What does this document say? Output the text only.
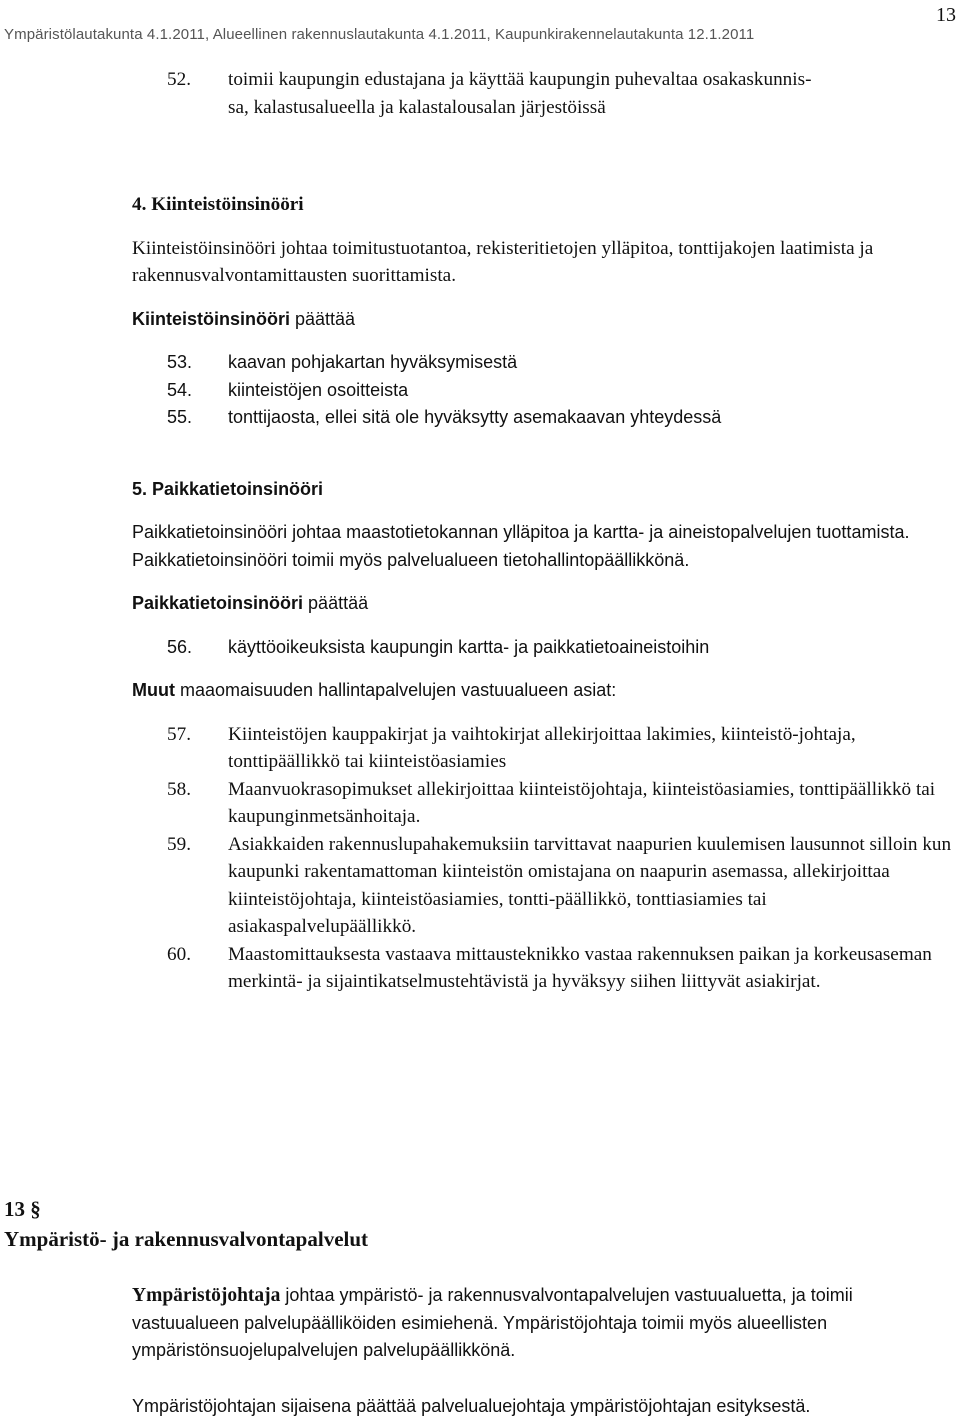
Ympäristölautakunta 4.1.2011, Alueellinen rakennuslautakunta 4.1.2011, Kaupunkirakennelautakunta 12.1.2011
13
52. toimii kaupungin edustajana ja käyttää kaupungin puhevaltaa osakaskunnis-

sa, kalastusalueella ja kalastalousalan järjestöissä

4. Kiinteistöinsinööri

Kiinteistöinsinööri johtaa toimitustuotantoa, rekisteritietojen ylläpitoa, tonttijakojen laatimista ja rakennusvalvontamittausten suorittamista.

Kiinteistöinsinööri päättää

53. kaavan pohjakartan hyväksymisestä
54. kiinteistöjen osoitteista
55. tonttijaosta, ellei sitä ole hyväksytty asemakaavan yhteydessä

5. Paikkatietoinsinööri

Paikkatietoinsinööri johtaa maastotietokannan ylläpitoa ja kartta- ja aineistopalvelujen tuottamista. Paikkatietoinsinööri toimii myös palvelualueen tietohallintopäällikkönä.

Paikkatietoinsinööri päättää

56. käyttöoikeuksista kaupungin kartta- ja paikkatietoaineistoihin

Muut maaomaisuuden hallintapalvelujen vastuualueen asiat:

57. Kiinteistöjen kauppakirjat ja vaihtokirjat allekirjoittaa lakimies, kiinteistö-johtaja, tonttipäällikkö tai kiinteistöasiamies

58. Maanvuokrasopimukset allekirjoittaa kiinteistöjohtaja, kiinteistöasiamies, tonttipäällikkö tai kaupunginmetsänhoitaja.

59. Asiakkaiden rakennuslupahakemuksiin tarvittavat naapurien kuulemisen lausunnot silloin kun kaupunki rakentamattoman kiinteistön omistajana on naapurin asemassa, allekirjoittaa kiinteistöjohtaja, kiinteistöasiamies, tontti-päällikkö, tonttiasiamies tai asiakaspalvelupäällikkö.

60. Maastomittauksesta vastaava mittausteknikko vastaa rakennuksen paikan ja korkeusaseman merkintä- ja sijaintikatselmustehtävistä ja hyväksyy siihen liittyvät asiakirjat.

13 §
Ympäristö- ja rakennusvalvontapalvelut

Ympäristöjohtaja johtaa ympäristö- ja rakennusvalvontapalvelujen vastuualuetta, ja toimii vastuualueen palvelupäälliköiden esimiehenä. Ympäristöjohtaja toimii myös alueellisten ympäristönsuojelupalvelujen palvelupäällikkönä.

Ympäristöjohtajan sijaisena päättää palvelualuejohtaja ympäristöjohtajan esityksestä.
